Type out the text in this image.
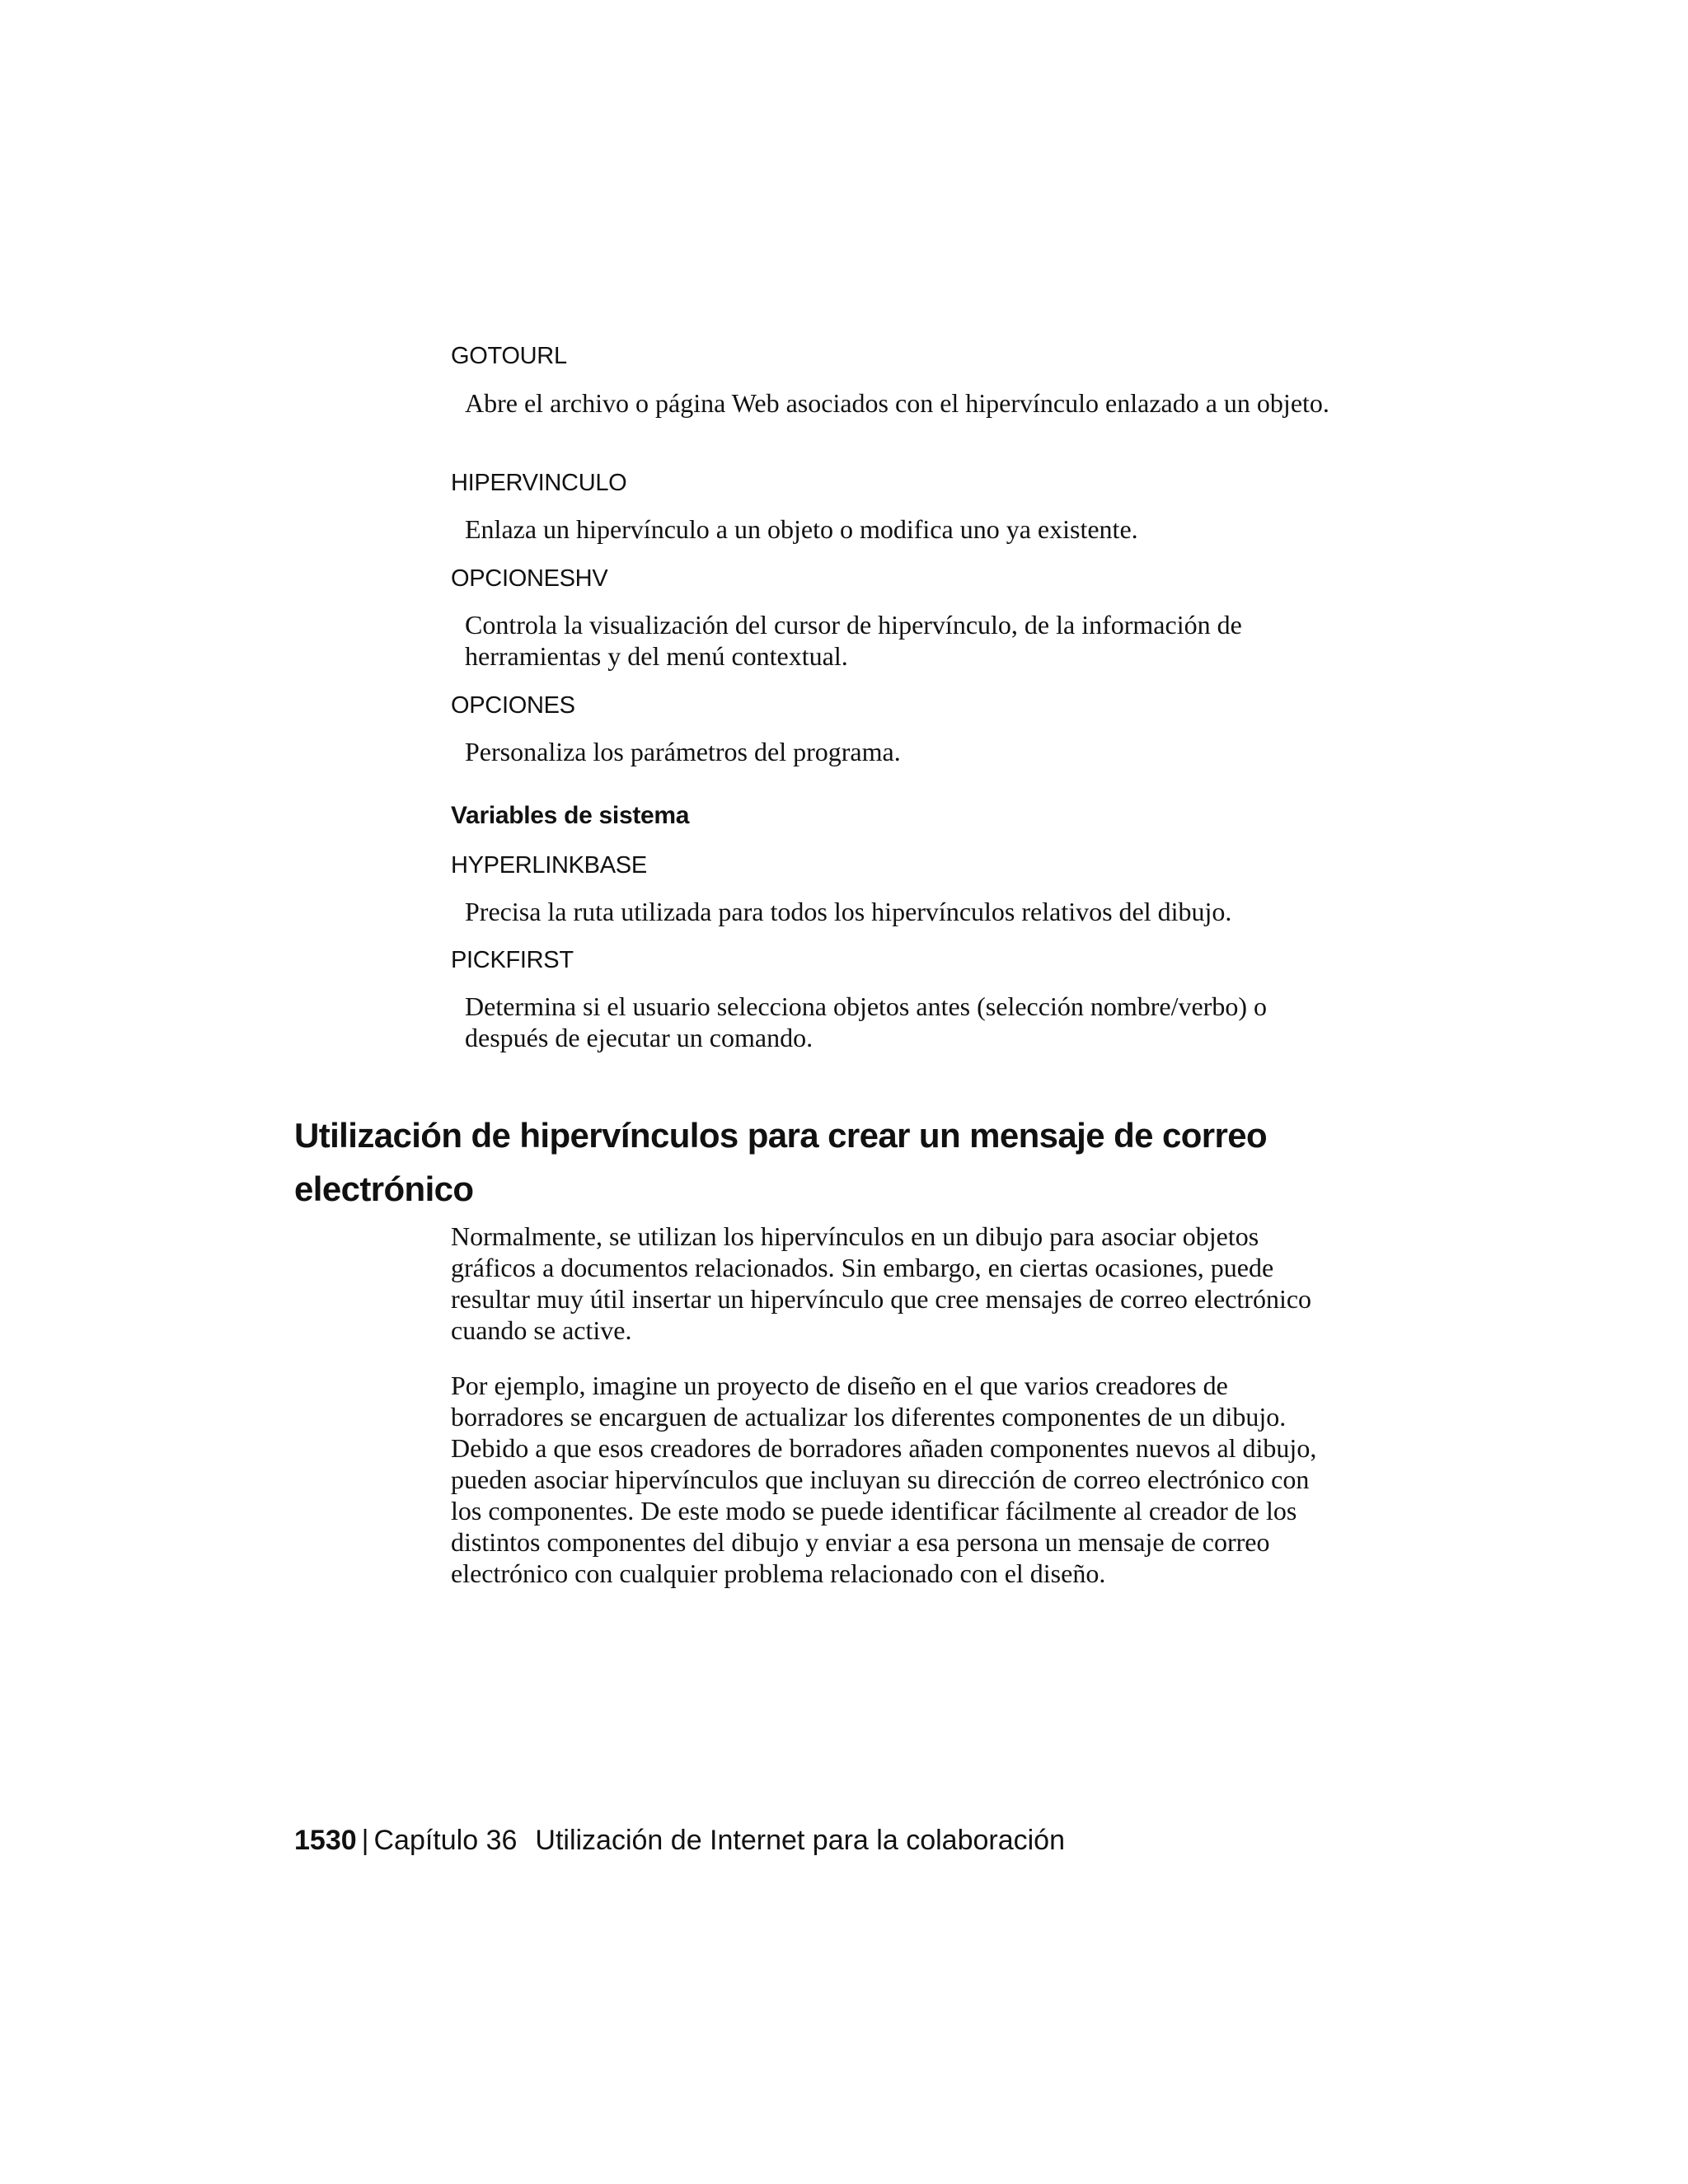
GOTOURL
Abre el archivo o página Web asociados con el hipervínculo enlazado a un objeto.
HIPERVINCULO
Enlaza un hipervínculo a un objeto o modifica uno ya existente.
OPCIONESHV
Controla la visualización del cursor de hipervínculo, de la información de herramientas y del menú contextual.
OPCIONES
Personaliza los parámetros del programa.
Variables de sistema
HYPERLINKBASE
Precisa la ruta utilizada para todos los hipervínculos relativos del dibujo.
PICKFIRST
Determina si el usuario selecciona objetos antes (selección nombre/verbo) o después de ejecutar un comando.
Utilización de hipervínculos para crear un mensaje de correo electrónico

Normalmente, se utilizan los hipervínculos en un dibujo para asociar objetos gráficos a documentos relacionados. Sin embargo, en ciertas ocasiones, puede resultar muy útil insertar un hipervínculo que cree mensajes de correo electrónico cuando se active.

Por ejemplo, imagine un proyecto de diseño en el que varios creadores de borradores se encarguen de actualizar los diferentes componentes de un dibujo. Debido a que esos creadores de borradores añaden componentes nuevos al dibujo, pueden asociar hipervínculos que incluyan su dirección de correo electrónico con los componentes. De este modo se puede identificar fácilmente al creador de los distintos componentes del dibujo y enviar a esa persona un mensaje de correo electrónico con cualquier problema relacionado con el diseño.

1530 | Capítulo 36 Utilización de Internet para la colaboración
